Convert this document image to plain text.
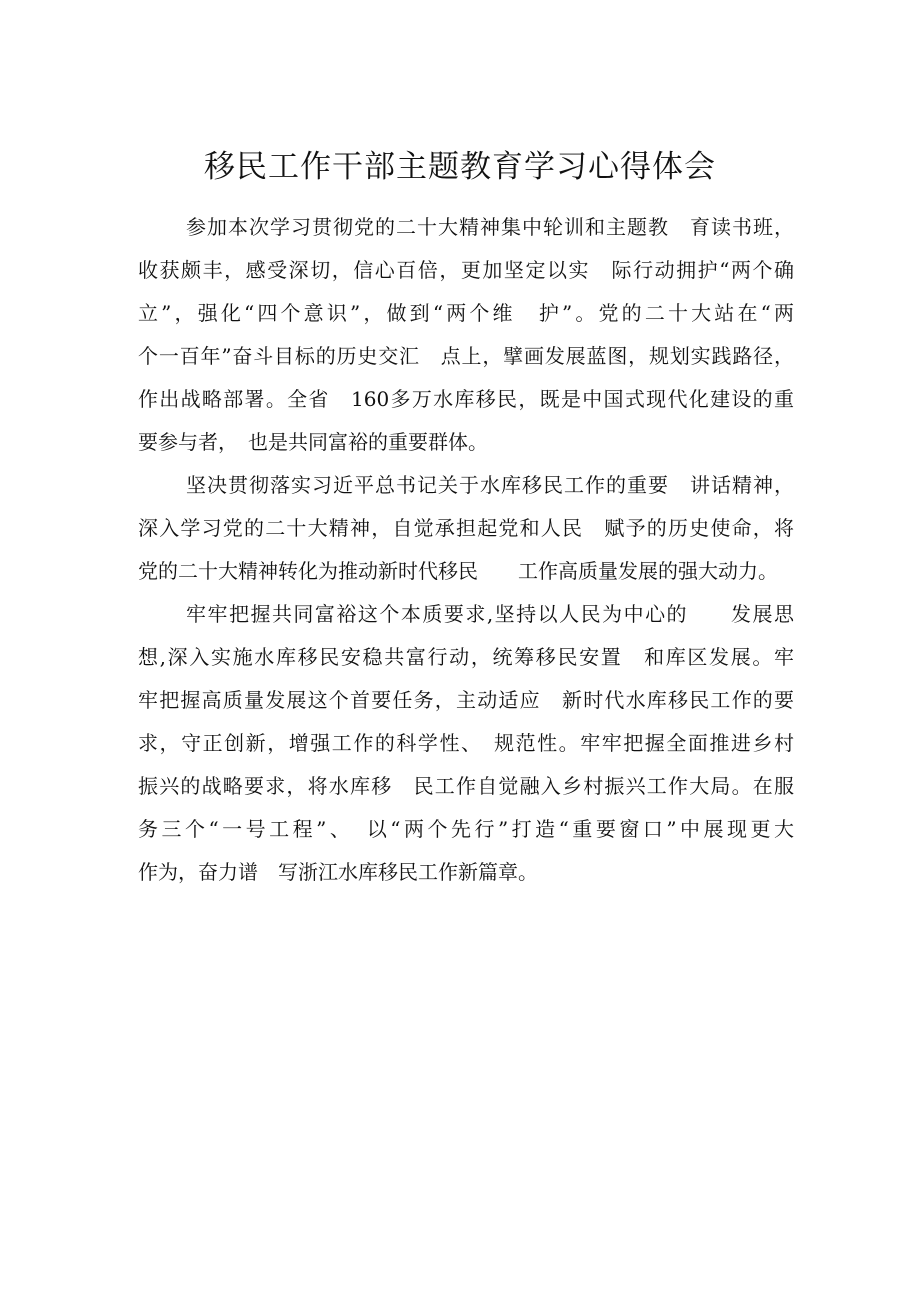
移民工作干部主题教育学习心得体会
参加本次学习贯彻党的二十大精神集中轮训和主题教　育读书班，
收获颇丰，感受深切，信心百倍，更加坚定以实　际行动拥护“两个确
立”，强化“四个意识”，做到“两个维　护”。党的二十大站在“两
个一百年”奋斗目标的历史交汇　点上，擘画发展蓝图，规划实践路径，
作出战略部署。全省　160多万水库移民，既是中国式现代化建设的重
要参与者，　也是共同富裕的重要群体。
坚决贯彻落实习近平总书记关于水库移民工作的重要　讲话精神，
深入学习党的二十大精神，自觉承担起党和人民　赋予的历史使命，将
党的二十大精神转化为推动新时代移民　　工作高质量发展的强大动力。
牢牢把握共同富裕这个本质要求,坚持以人民为中心的　　发展思
想,深入实施水库移民安稳共富行动，统筹移民安置　和库区发展。牢
牢把握高质量发展这个首要任务，主动适应　新时代水库移民工作的要
求，守正创新，增强工作的科学性、　规范性。牢牢把握全面推进乡村
振兴的战略要求，将水库移　民工作自觉融入乡村振兴工作大局。在服
务三个“一号工程”、　以“两个先行”打造“重要窗口”中展现更大
作为，奋力谱　写浙江水库移民工作新篇章。
